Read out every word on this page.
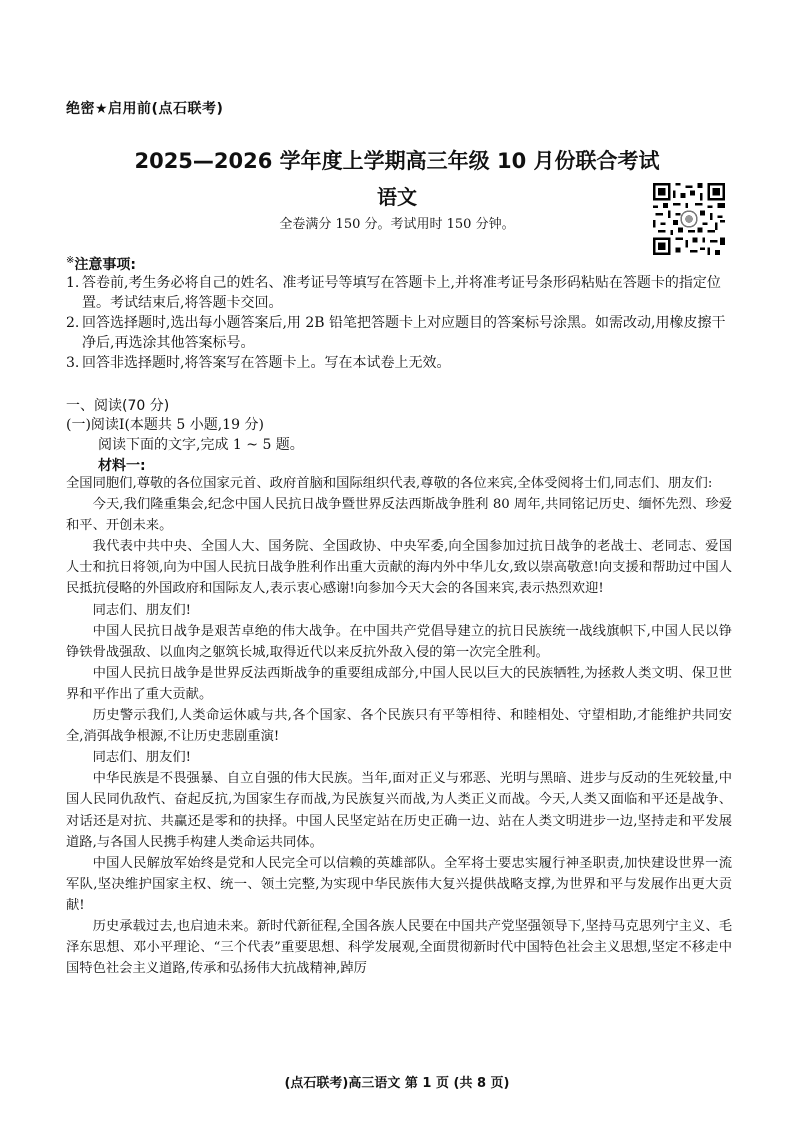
绝密★启用前(点石联考)
2025—2026 学年度上学期高三年级 10 月份联合考试
语文
全卷满分 150 分。考试用时 150 分钟。
※注意事项:
1. 答卷前,考生务必将自己的姓名、准考证号等填写在答题卡上,并将准考证号条形码粘贴在答题卡的指定位置。考试结束后,将答题卡交回。
2. 回答选择题时,选出每小题答案后,用 2B 铅笔把答题卡上对应题目的答案标号涂黑。如需改动,用橡皮擦干净后,再选涂其他答案标号。
3. 回答非选择题时,将答案写在答题卡上。写在本试卷上无效。
一、阅读(70 分)
(一)阅读Ⅰ(本题共 5 小题,19 分)
阅读下面的文字,完成 1 ~ 5 题。
材料一:

全国同胞们,尊敬的各位国家元首、政府首脑和国际组织代表,尊敬的各位来宾,全体受阅将士们,同志们、朋友们:

今天,我们隆重集会,纪念中国人民抗日战争暨世界反法西斯战争胜利 80 周年,共同铭记历史、缅怀先烈、珍爱和平、开创未来。

我代表中共中央、全国人大、国务院、全国政协、中央军委,向全国参加过抗日战争的老战士、老同志、爱国人士和抗日将领,向为中国人民抗日战争胜利作出重大贡献的海内外中华儿女,致以崇高敬意!向支援和帮助过中国人民抵抗侵略的外国政府和国际友人,表示衷心感谢!向参加今天大会的各国来宾,表示热烈欢迎!

同志们、朋友们!

中国人民抗日战争是艰苦卓绝的伟大战争。在中国共产党倡导建立的抗日民族统一战线旗帜下,中国人民以铮铮铁骨战强敌、以血肉之躯筑长城,取得近代以来反抗外敌入侵的第一次完全胜利。

中国人民抗日战争是世界反法西斯战争的重要组成部分,中国人民以巨大的民族牺牲,为拯救人类文明、保卫世界和平作出了重大贡献。

历史警示我们,人类命运休戚与共,各个国家、各个民族只有平等相待、和睦相处、守望相助,才能维护共同安全,消弭战争根源,不让历史悲剧重演!

同志们、朋友们!

中华民族是不畏强暴、自立自强的伟大民族。当年,面对正义与邪恶、光明与黑暗、进步与反动的生死较量,中国人民同仇敌忾、奋起反抗,为国家生存而战,为民族复兴而战,为人类正义而战。今天,人类又面临和平还是战争、对话还是对抗、共赢还是零和的抉择。中国人民坚定站在历史正确一边、站在人类文明进步一边,坚持走和平发展道路,与各国人民携手构建人类命运共同体。

中国人民解放军始终是党和人民完全可以信赖的英雄部队。全军将士要忠实履行神圣职责,加快建设世界一流军队,坚决维护国家主权、统一、领土完整,为实现中华民族伟大复兴提供战略支撑,为世界和平与发展作出更大贡献!

历史承载过去,也启迪未来。新时代新征程,全国各族人民要在中国共产党坚强领导下,坚持马克思列宁主义、毛泽东思想、邓小平理论、“三个代表”重要思想、科学发展观,全面贯彻新时代中国特色社会主义思想,坚定不移走中国特色社会主义道路,传承和弘扬伟大抗战精神,踔厉

(点石联考)高三语文 第 1 页 (共 8 页)
